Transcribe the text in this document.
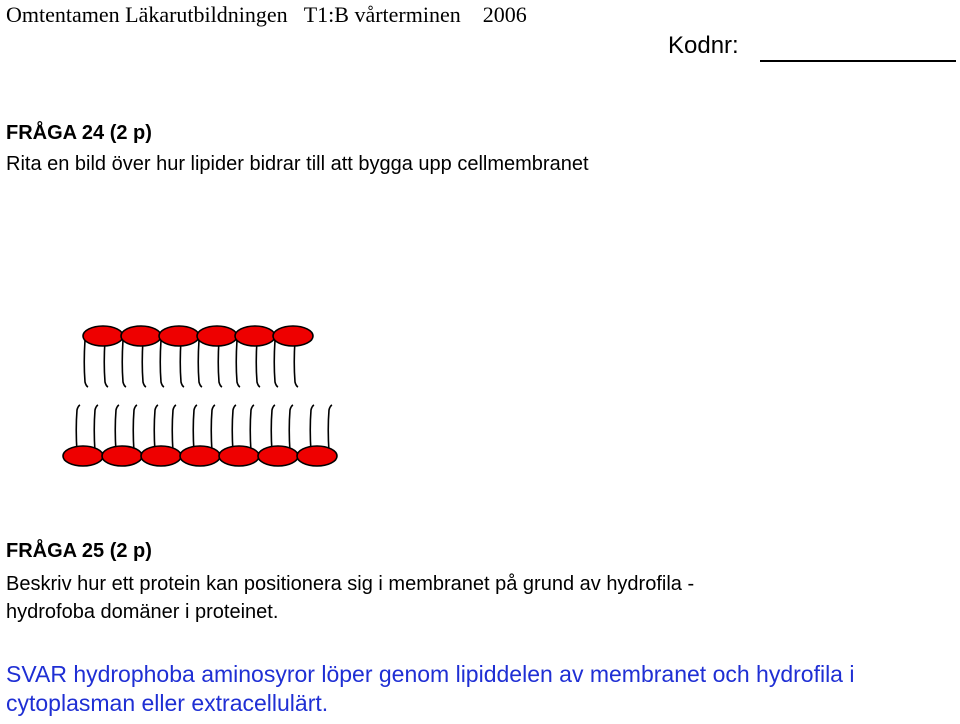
Omtentamen Läkarutbildningen   T1:B vårterminen    2006
Kodnr:
FRÅGA 24 (2 p)
Rita en bild över hur lipider bidrar till att bygga upp cellmembranet
FRÅGA 25 (2 p)
Beskriv hur ett protein kan positionera sig i membranet på grund av hydrofila -
hydrofoba domäner i proteinet.
SVAR hydrophoba aminosyror löper genom lipiddelen av membranet och hydrofila i
cytoplasman eller extracellulärt.
